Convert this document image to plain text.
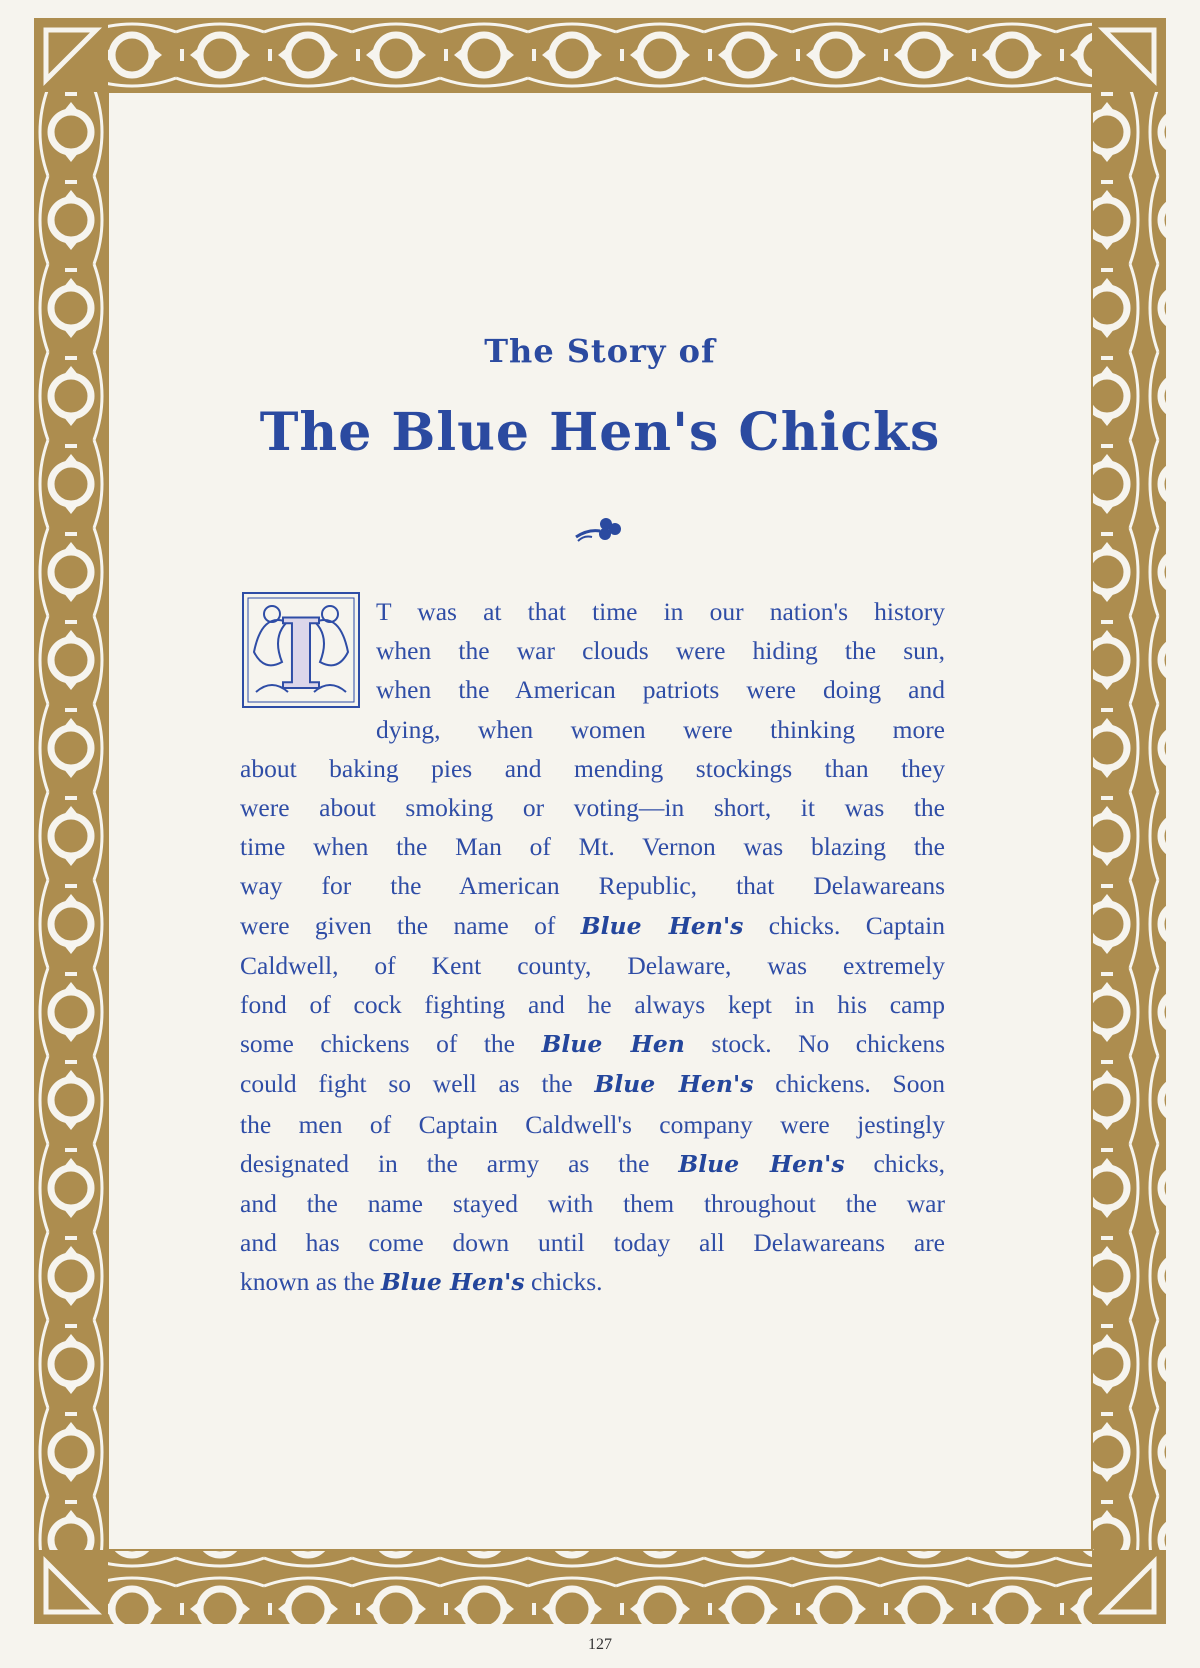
The Story of
The Blue Hen's Chicks
I	T was at that time in our nation's history
when the war clouds were hiding the sun,
when the American patriots were doing and
dying, when women were thinking more
about baking pies and mending stockings than they
were about smoking or voting—in short, it was the
time when the Man of Mt. Vernon was blazing the
way for the American Republic, that Delawareans
were given the name of Blue Hen's chicks. Captain
Caldwell, of Kent county, Delaware, was extremely
fond of cock fighting and he always kept in his camp
some chickens of the Blue Hen stock. No chickens
could fight so well as the Blue Hen's chickens. Soon
the men of Captain Caldwell's company were jestingly
designated in the army as the Blue Hen's chicks,
and the name stayed with them throughout the war
and has come down until today all Delawareans are
known as the Blue Hen's chicks.

127
